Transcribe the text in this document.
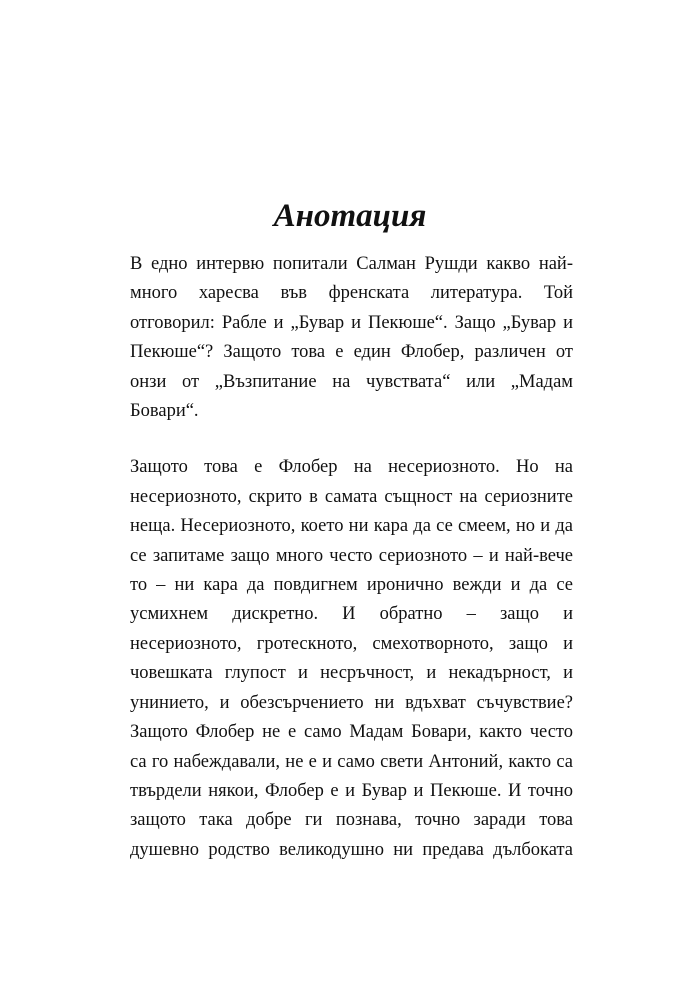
Анотация

В едно интервю попитали Салман Рушди какво най-
много харесва във френската литература. Той
отговорил: Рабле и „Бувар и Пекюше“. Защо „Бувар и
Пекюше“? Защото това е един Флобер, различен от
онзи от „Възпитание на чувствата“ или „Мадам
Бовари“.

Защото това е Флобер на несериозното. Но на
несериозното, скрито в самата същност на сериозните
неща. Несериозното, което ни кара да се смеем, но и да
се запитаме защо много често сериозното – и най-вече
то – ни кара да повдигнем иронично вежди и да се
усмихнем дискретно. И обратно – защо и
несериозното, гротескното, смехотворното, защо и
човешката глупост и несръчност, и некадърност, и
унинието, и обезсърчението ни вдъхват съчувствие?
Защото Флобер не е само Мадам Бовари, както често
са го набеждавали, не е и само свети Антоний, както са
твърдели някои, Флобер е и Бувар и Пекюше. И точно
защото така добре ги познава, точно заради това
душевно родство великодушно ни предава дълбоката
